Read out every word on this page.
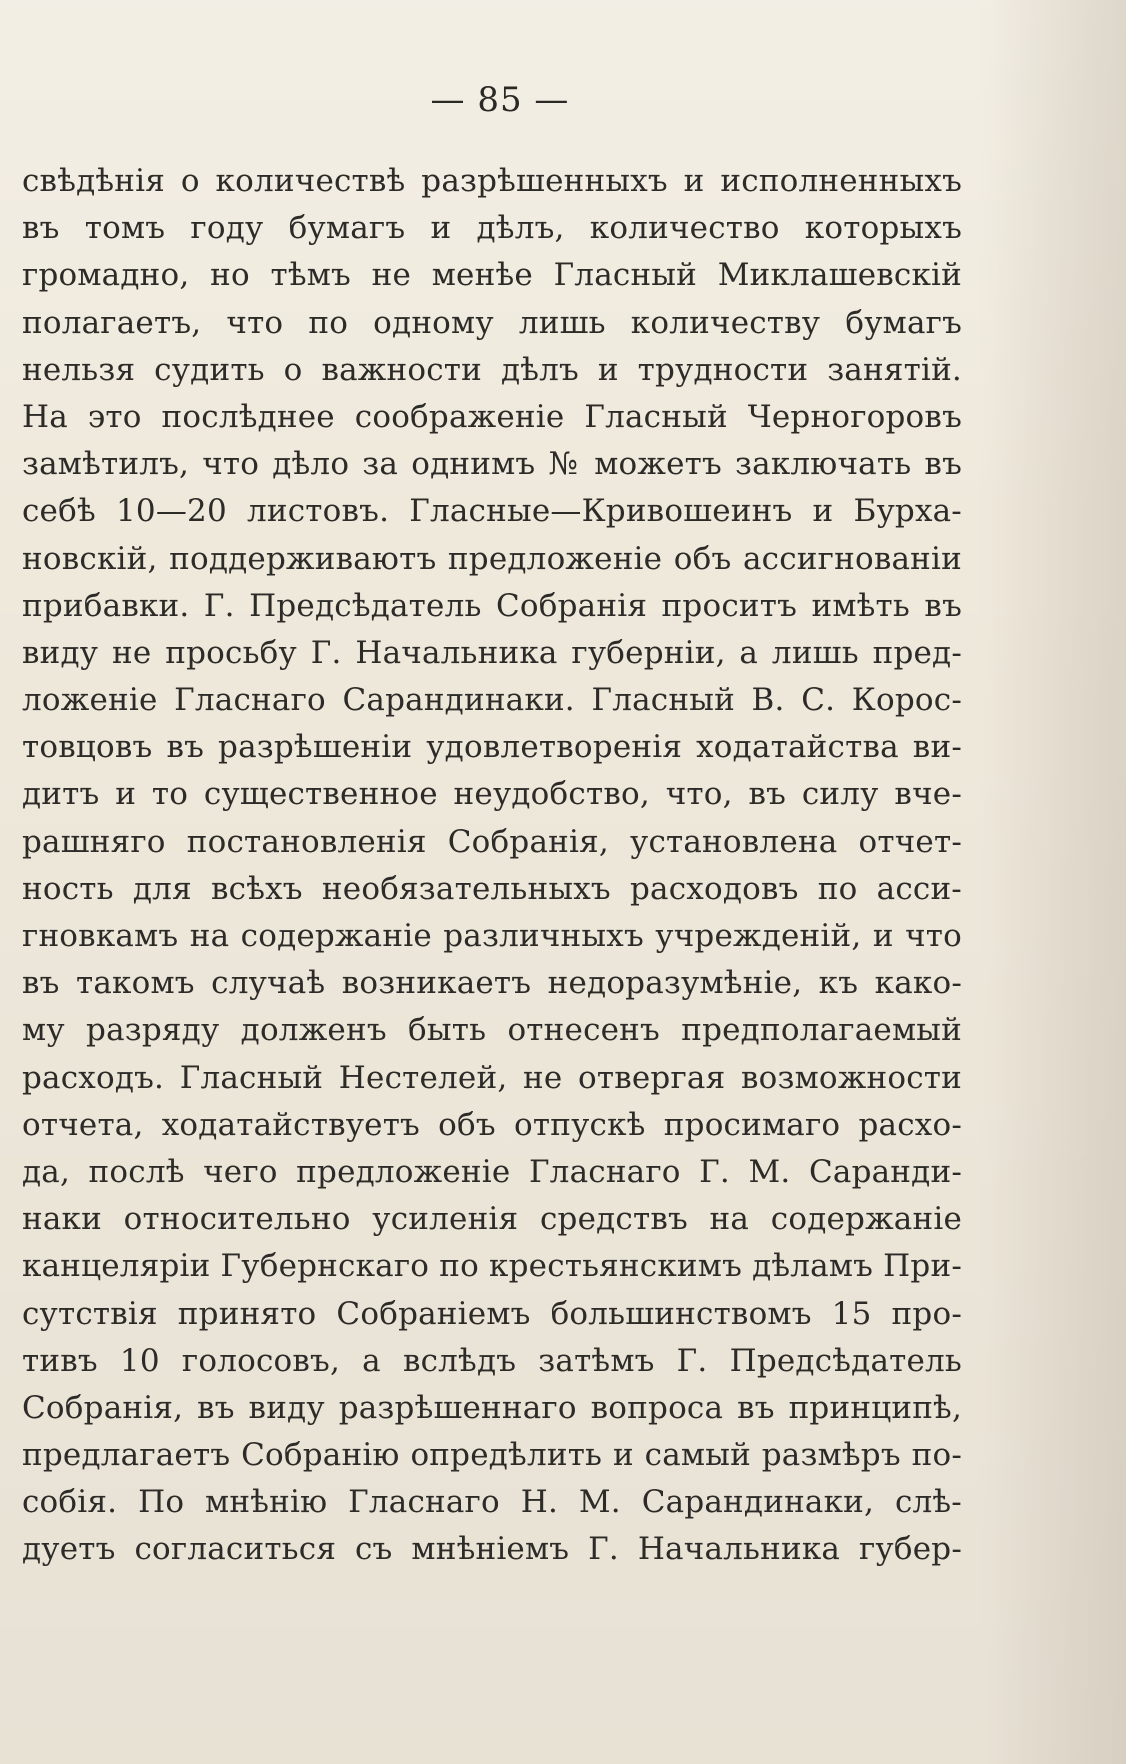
— 85 —
свѣдѣнія о количествѣ разрѣшенныхъ и исполненныхъ
въ томъ году бумагъ и дѣлъ, количество которыхъ
громадно, но тѣмъ не менѣе Гласный Миклашевскій
полагаетъ, что по одному лишь количеству бумагъ
нельзя судить о важности дѣлъ и трудности занятій.
На это послѣднее соображеніе Гласный Черногоровъ
замѣтилъ, что дѣло за однимъ № можетъ заключать въ
себѣ 10—20 листовъ. Гласные—Кривошеинъ и Бурха-
новскій, поддерживаютъ предложеніе объ ассигнованіи
прибавки. Г. Предсѣдатель Собранія проситъ имѣть въ
виду не просьбу Г. Начальника губерніи, а лишь пред-
ложеніе Гласнаго Сарандинаки. Гласный В. С. Корос-
товцовъ въ разрѣшеніи удовлетворенія ходатайства ви-
дитъ и то существенное неудобство, что, въ силу вче-
рашняго постановленія Собранія, установлена отчет-
ность для всѣхъ необязательныхъ расходовъ по асси-
гновкамъ на содержаніе различныхъ учрежденій, и что
въ такомъ случаѣ возникаетъ недоразумѣніе, къ како-
му разряду долженъ быть отнесенъ предполагаемый
расходъ. Гласный Нестелей, не отвергая возможности
отчета, ходатайствуетъ объ отпускѣ просимаго расхо-
да, послѣ чего предложеніе Гласнаго Г. М. Саранди-
наки относительно усиленія средствъ на содержаніе
канцеляріи Губернскаго по крестьянскимъ дѣламъ При-
сутствія принято Собраніемъ большинствомъ 15 про-
тивъ 10 голосовъ, а вслѣдъ затѣмъ Г. Предсѣдатель
Собранія, въ виду разрѣшеннаго вопроса въ принципѣ,
предлагаетъ Собранію опредѣлить и самый размѣръ по-
собія. По мнѣнію Гласнаго Н. М. Сарандинаки, слѣ-
дуетъ согласиться съ мнѣніемъ Г. Начальника губер-
